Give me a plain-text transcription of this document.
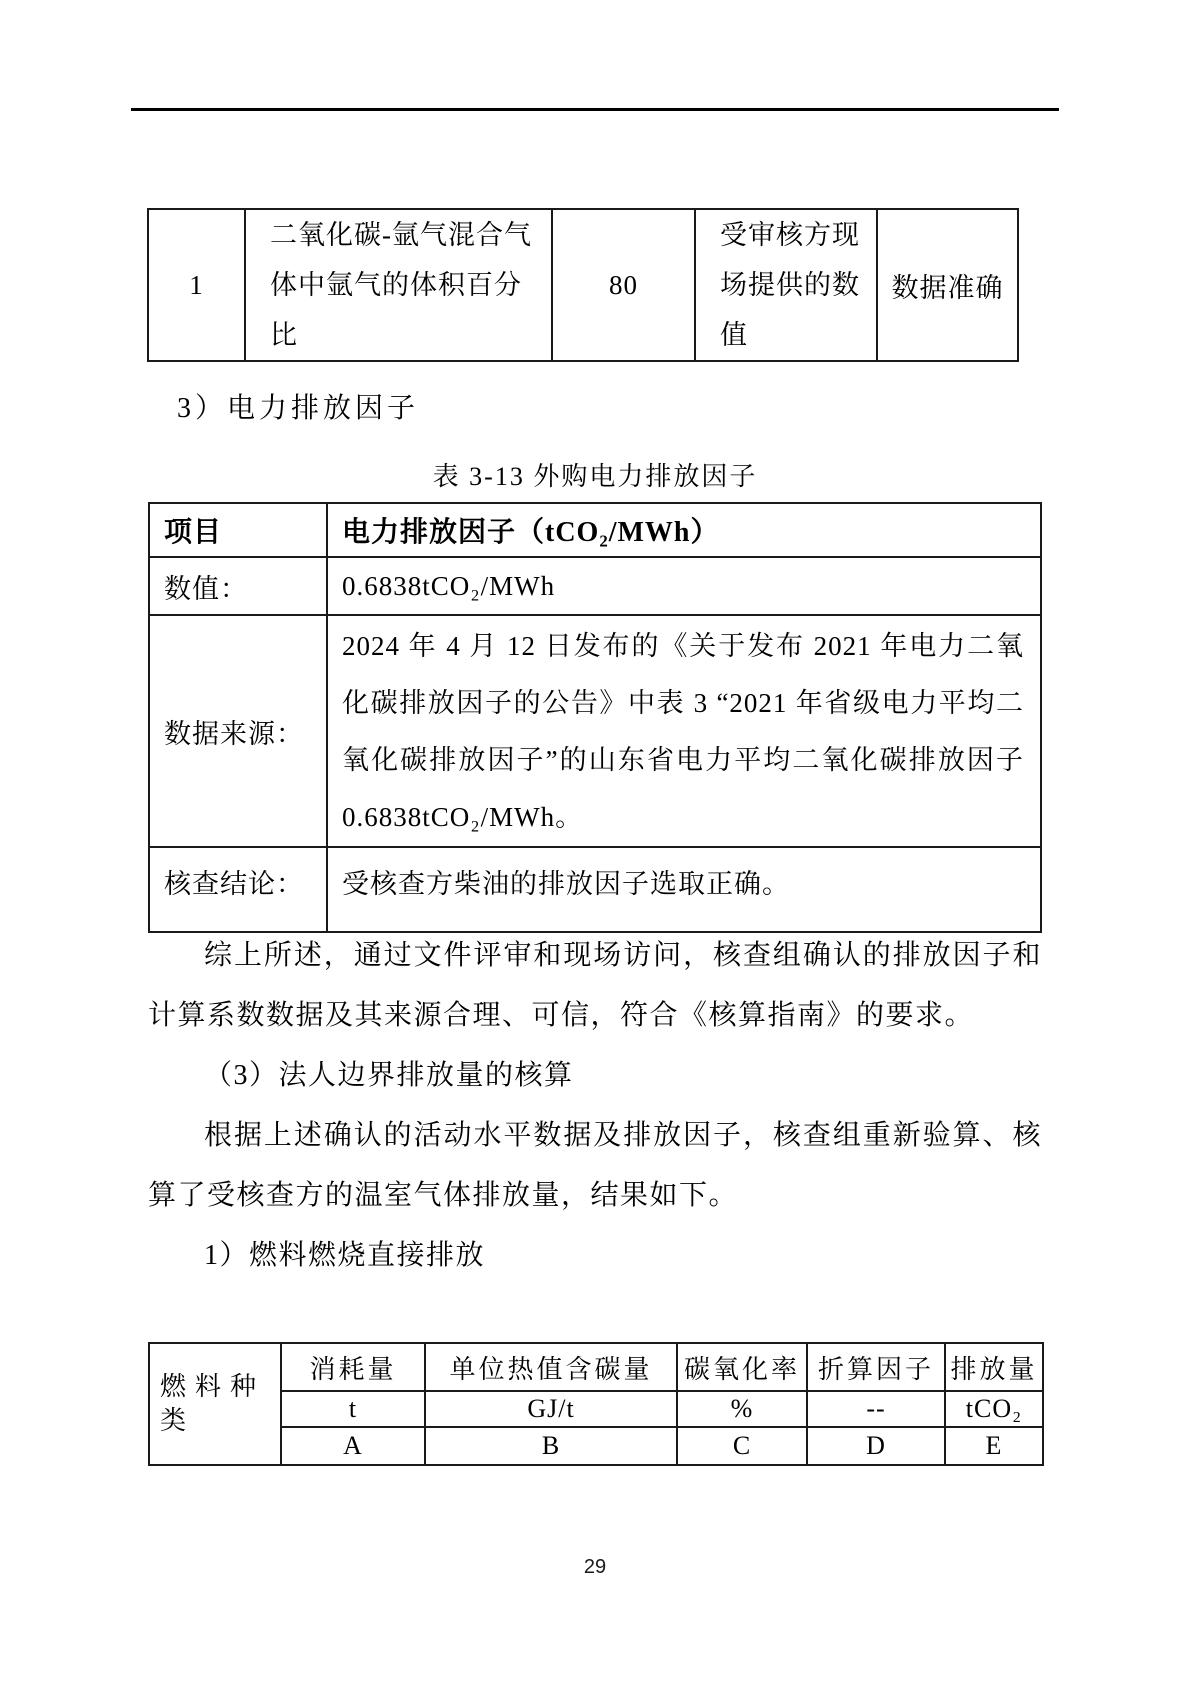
1	二氧化碳-氩气混合气体中氩气的体积百分比	80	受审核方现场提供的数值	数据准确
3）电力排放因子
表 3-13 外购电力排放因子
项目	电力排放因子（tCO₂/MWh）
数值：	0.6838tCO₂/MWh
数据来源：	2024 年 4 月 12 日发布的《关于发布 2021 年电力二氧化碳排放因子的公告》中表 3 “2021 年省级电力平均二氧化碳排放因子”的山东省电力平均二氧化碳排放因子 0.6838tCO₂/MWh。

核查结论：	受核查方柴油的排放因子选取正确。

综上所述，通过文件评审和现场访问，核查组确认的排放因子和计算系数数据及其来源合理、可信，符合《核算指南》的要求。

（3）法人边界排放量的核算

根据上述确认的活动水平数据及排放因子，核查组重新验算、核算了受核查方的温室气体排放量，结果如下。

1）燃料燃烧直接排放

燃料种类	消耗量	单位热值含碳量	碳氧化率	折算因子	排放量
	t	GJ/t	%	--	tCO₂
	A	B	C	D	E
29
